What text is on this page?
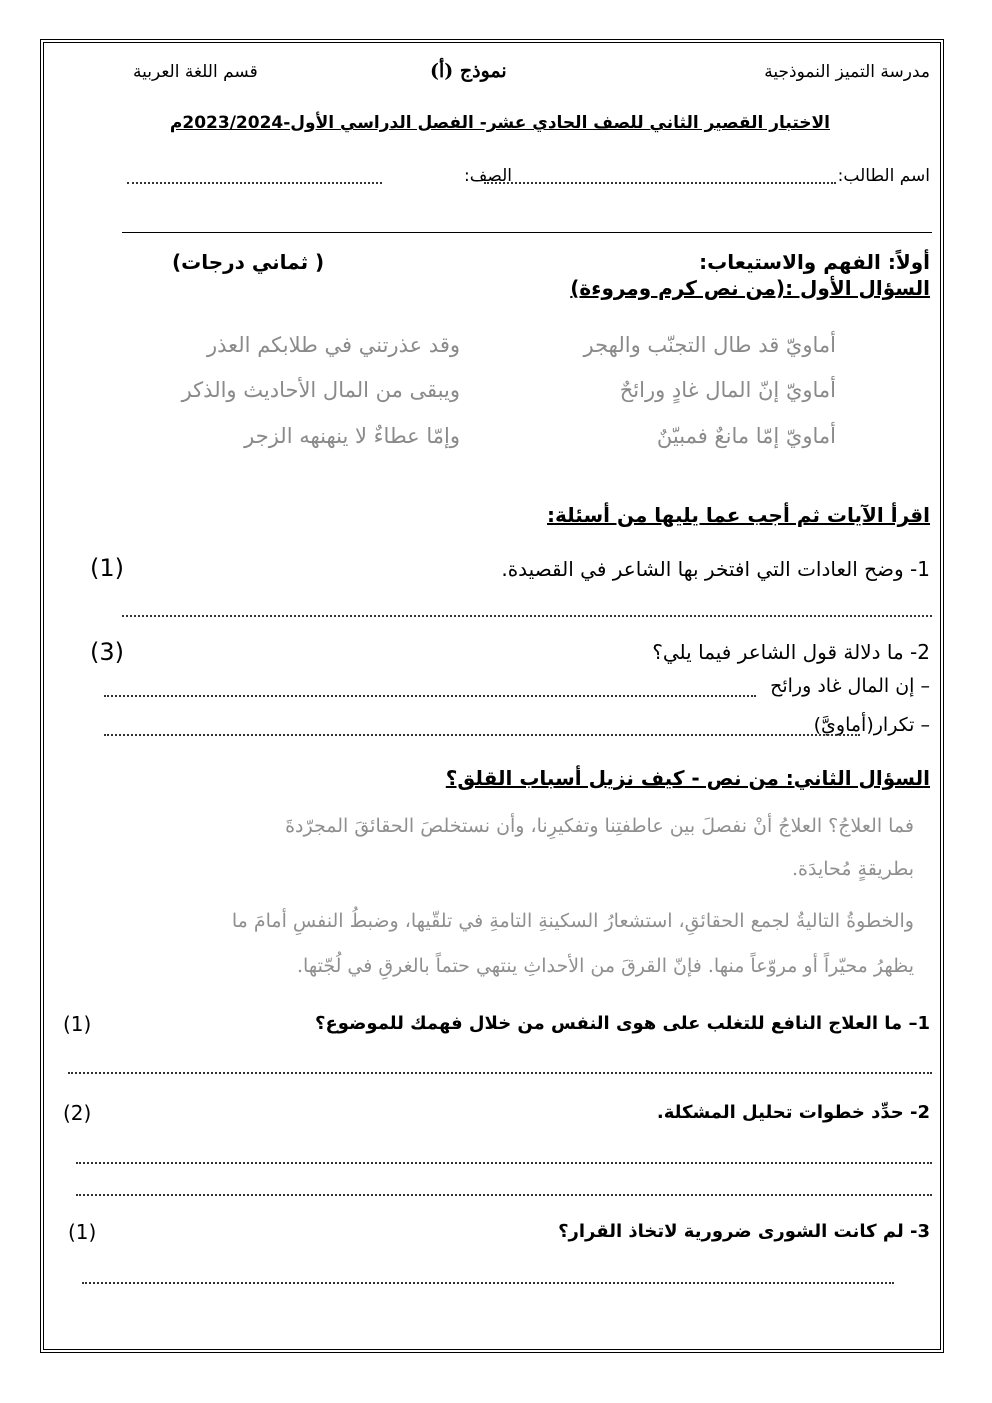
مدرسة التميز النموذجية
نموذج (أ)
قسم اللغة العربية
الاختبار القصير الثاني للصف الحادي عشر- الفصل الدراسي الأول-2023/2024م
اسم الطالب:
الصف:
أولاً: الفهم والاستيعاب:
( ثماني درجات)
السؤال الأول :(من نص كرم ومروءة)
أماويّ قد طال التجنّب والهجر
وقد عذرتني في طلابكم العذر
أماويّ إنّ المال غادٍ ورائحٌ
ويبقى من المال الأحاديث والذكر
أماويّ إمّا مانعٌ فمبيّنٌ
وإمّا عطاءٌ لا ينهنهه الزجر
اقرأ الآيات ثم أجب عما يليها من أسئلة:
1- وضح العادات التي افتخر بها الشاعر في القصيدة.
(1)
2- ما دلالة قول الشاعر فيما يلي؟
(3)
– إن المال غاد ورائح
– تكرار(أماويَّ)
السؤال الثاني: من نص - كيف نزيل أسباب القلق؟
فما العلاجُ؟ العلاجُ أنْ نفصلَ بين عاطفتِنا وتفكيرِنا، وأن نستخلصَ الحقائقَ المجرّدةَ
بطريقةٍ مُحايدَة.
والخطوةُ التاليةُ لجمع الحقائقِ، استشعارُ السكينةِ التامةِ في تلقّيها، وضبطُ النفسِ أمامَ ما
يظهرُ محيّراً أو مروّعاً منها. فإنّ القرقَ من الأحداثِ ينتهي حتماً بالغرقِ في لُجّتها.
1– ما العلاج النافع للتغلب على هوى النفس من خلال فهمك للموضوع؟
(1)
2- حدِّد خطوات تحليل المشكلة.
(2)
3- لم كانت الشورى ضرورية لاتخاذ القرار؟
(1)
